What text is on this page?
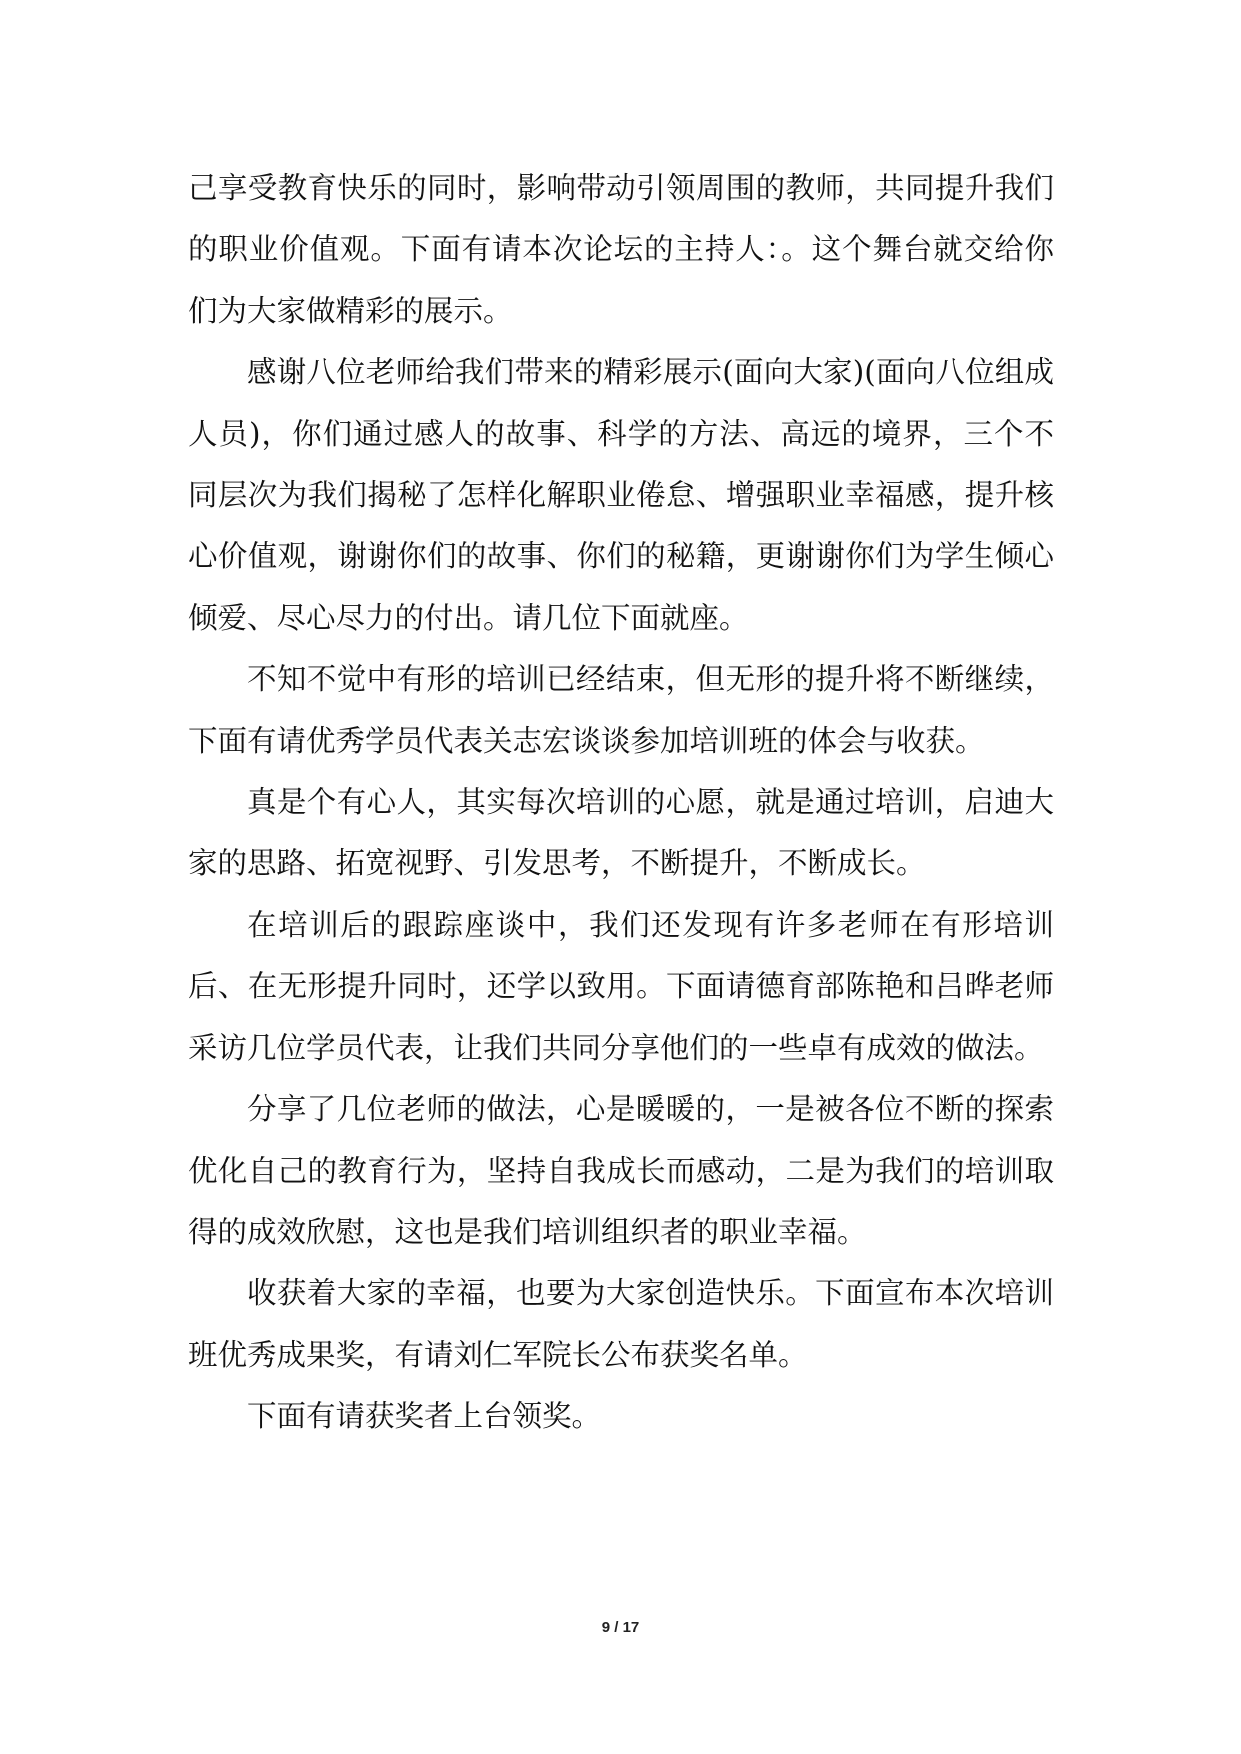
己享受教育快乐的同时，影响带动引领周围的教师，共同提升我们的职业价值观。下面有请本次论坛的主持人：。这个舞台就交给你们为大家做精彩的展示。

感谢八位老师给我们带来的精彩展示(面向大家)(面向八位组成人员)，你们通过感人的故事、科学的方法、高远的境界，三个不同层次为我们揭秘了怎样化解职业倦怠、增强职业幸福感，提升核心价值观，谢谢你们的故事、你们的秘籍，更谢谢你们为学生倾心倾爱、尽心尽力的付出。请几位下面就座。

不知不觉中有形的培训已经结束，但无形的提升将不断继续，下面有请优秀学员代表关志宏谈谈参加培训班的体会与收获。

真是个有心人，其实每次培训的心愿，就是通过培训，启迪大家的思路、拓宽视野、引发思考，不断提升，不断成长。

在培训后的跟踪座谈中，我们还发现有许多老师在有形培训后、在无形提升同时，还学以致用。下面请德育部陈艳和吕晔老师采访几位学员代表，让我们共同分享他们的一些卓有成效的做法。

分享了几位老师的做法，心是暖暖的，一是被各位不断的探索优化自己的教育行为，坚持自我成长而感动，二是为我们的培训取得的成效欣慰，这也是我们培训组织者的职业幸福。

收获着大家的幸福，也要为大家创造快乐。下面宣布本次培训班优秀成果奖，有请刘仁军院长公布获奖名单。

下面有请获奖者上台领奖。

9 / 17
